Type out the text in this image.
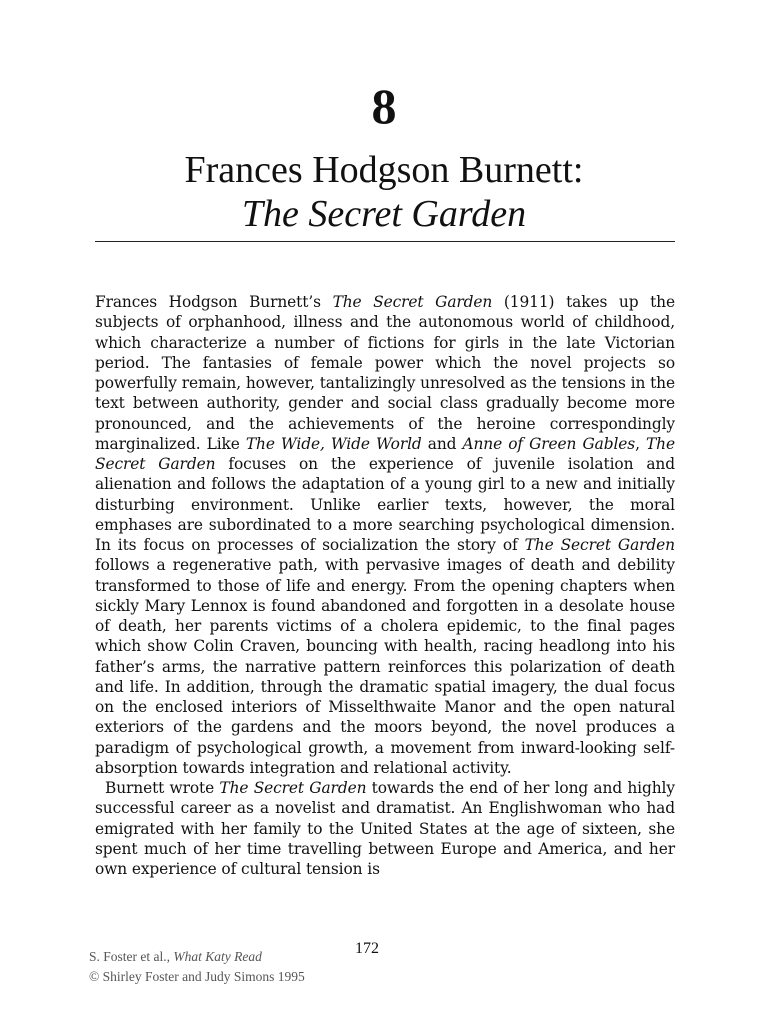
8
Frances Hodgson Burnett:
The Secret Garden

Frances Hodgson Burnett’s The Secret Garden (1911) takes up the subjects of orphanhood, illness and the autonomous world of childhood, which characterize a number of fictions for girls in the late Victorian period. The fantasies of female power which the novel projects so powerfully remain, however, tantalizingly unresolved as the tensions in the text between authority, gender and social class gradually become more pronounced, and the achievements of the heroine correspondingly marginalized. Like The Wide, Wide World and Anne of Green Gables, The Secret Garden focuses on the experience of juvenile isolation and alienation and follows the adaptation of a young girl to a new and initially disturbing environment. Unlike earlier texts, however, the moral emphases are subordinated to a more searching psychological dimension. In its focus on processes of socialization the story of The Secret Garden follows a regenerative path, with pervasive images of death and debility transformed to those of life and energy. From the opening chapters when sickly Mary Lennox is found abandoned and forgotten in a desolate house of death, her parents victims of a cholera epidemic, to the final pages which show Colin Craven, bouncing with health, racing headlong into his father’s arms, the narrative pattern reinforces this polarization of death and life. In addition, through the dramatic spatial imagery, the dual focus on the enclosed interiors of Misselthwaite Manor and the open natural exteriors of the gardens and the moors beyond, the novel produces a paradigm of psychological growth, a movement from inward-looking self-absorption towards integration and relational activity.

Burnett wrote The Secret Garden towards the end of her long and highly successful career as a novelist and dramatist. An Englishwoman who had emigrated with her family to the United States at the age of sixteen, she spent much of her time travelling between Europe and America, and her own experience of cultural tension is

S. Foster et al., What Katy Read
© Shirley Foster and Judy Simons 1995
172
